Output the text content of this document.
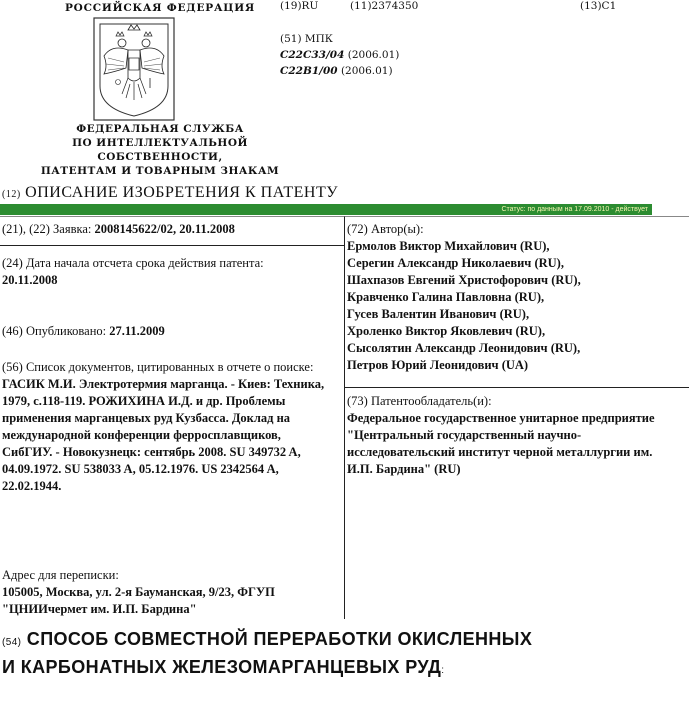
РОССИЙСКАЯ ФЕДЕРАЦИЯ
ФЕДЕРАЛЬНАЯ СЛУЖБА
ПО ИНТЕЛЛЕКТУАЛЬНОЙ
СОБСТВЕННОСТИ,
ПАТЕНТАМ И ТОВАРНЫМ ЗНАКАМ
(19)RU	(11)2374350	(13)C1
(51) МПК
C22C33/04 (2006.01)
C22B1/00 (2006.01)
(12) ОПИСАНИЕ ИЗОБРЕТЕНИЯ К ПАТЕНТУ
Статус: по данным на 17.09.2010 - действует
(21), (22) Заявка: 2008145622/02, 20.11.2008
(24) Дата начала отсчета срока действия патента:
20.11.2008
(46) Опубликовано: 27.11.2009
(56) Список документов, цитированных в отчете о поиске: ГАСИК М.И. Электротермия марганца. - Киев: Техника, 1979, с.118-119. РОЖИХИНА И.Д. и др. Проблемы применения марганцевых руд Кузбасса. Доклад на международной конференции ферросплавщиков, СибГИУ. - Новокузнецк: сентябрь 2008. SU 349732 A, 04.09.1972. SU 538033 A, 05.12.1976. US 2342564 A, 22.02.1944.
Адрес для переписки:
105005, Москва, ул. 2-я Бауманская, 9/23, ФГУП "ЦНИИчермет им. И.П. Бардина"
(72) Автор(ы):
Ермолов Виктор Михайлович (RU),
Серегин Александр Николаевич (RU),
Шахпазов Евгений Христофорович (RU),
Кравченко Галина Павловна (RU),
Гусев Валентин Иванович (RU),
Хроленко Виктор Яковлевич (RU),
Сысолятин Александр Леонидович (RU),
Петров Юрий Леонидович (UA)
(73) Патентообладатель(и):
Федеральное государственное унитарное предприятие "Центральный государственный научно-исследовательский институт черной металлургии им. И.П. Бардина" (RU)
(54) СПОСОБ СОВМЕСТНОЙ ПЕРЕРАБОТКИ ОКИСЛЕННЫХ
И КАРБОНАТНЫХ ЖЕЛЕЗОМАРГАНЦЕВЫХ РУД:
